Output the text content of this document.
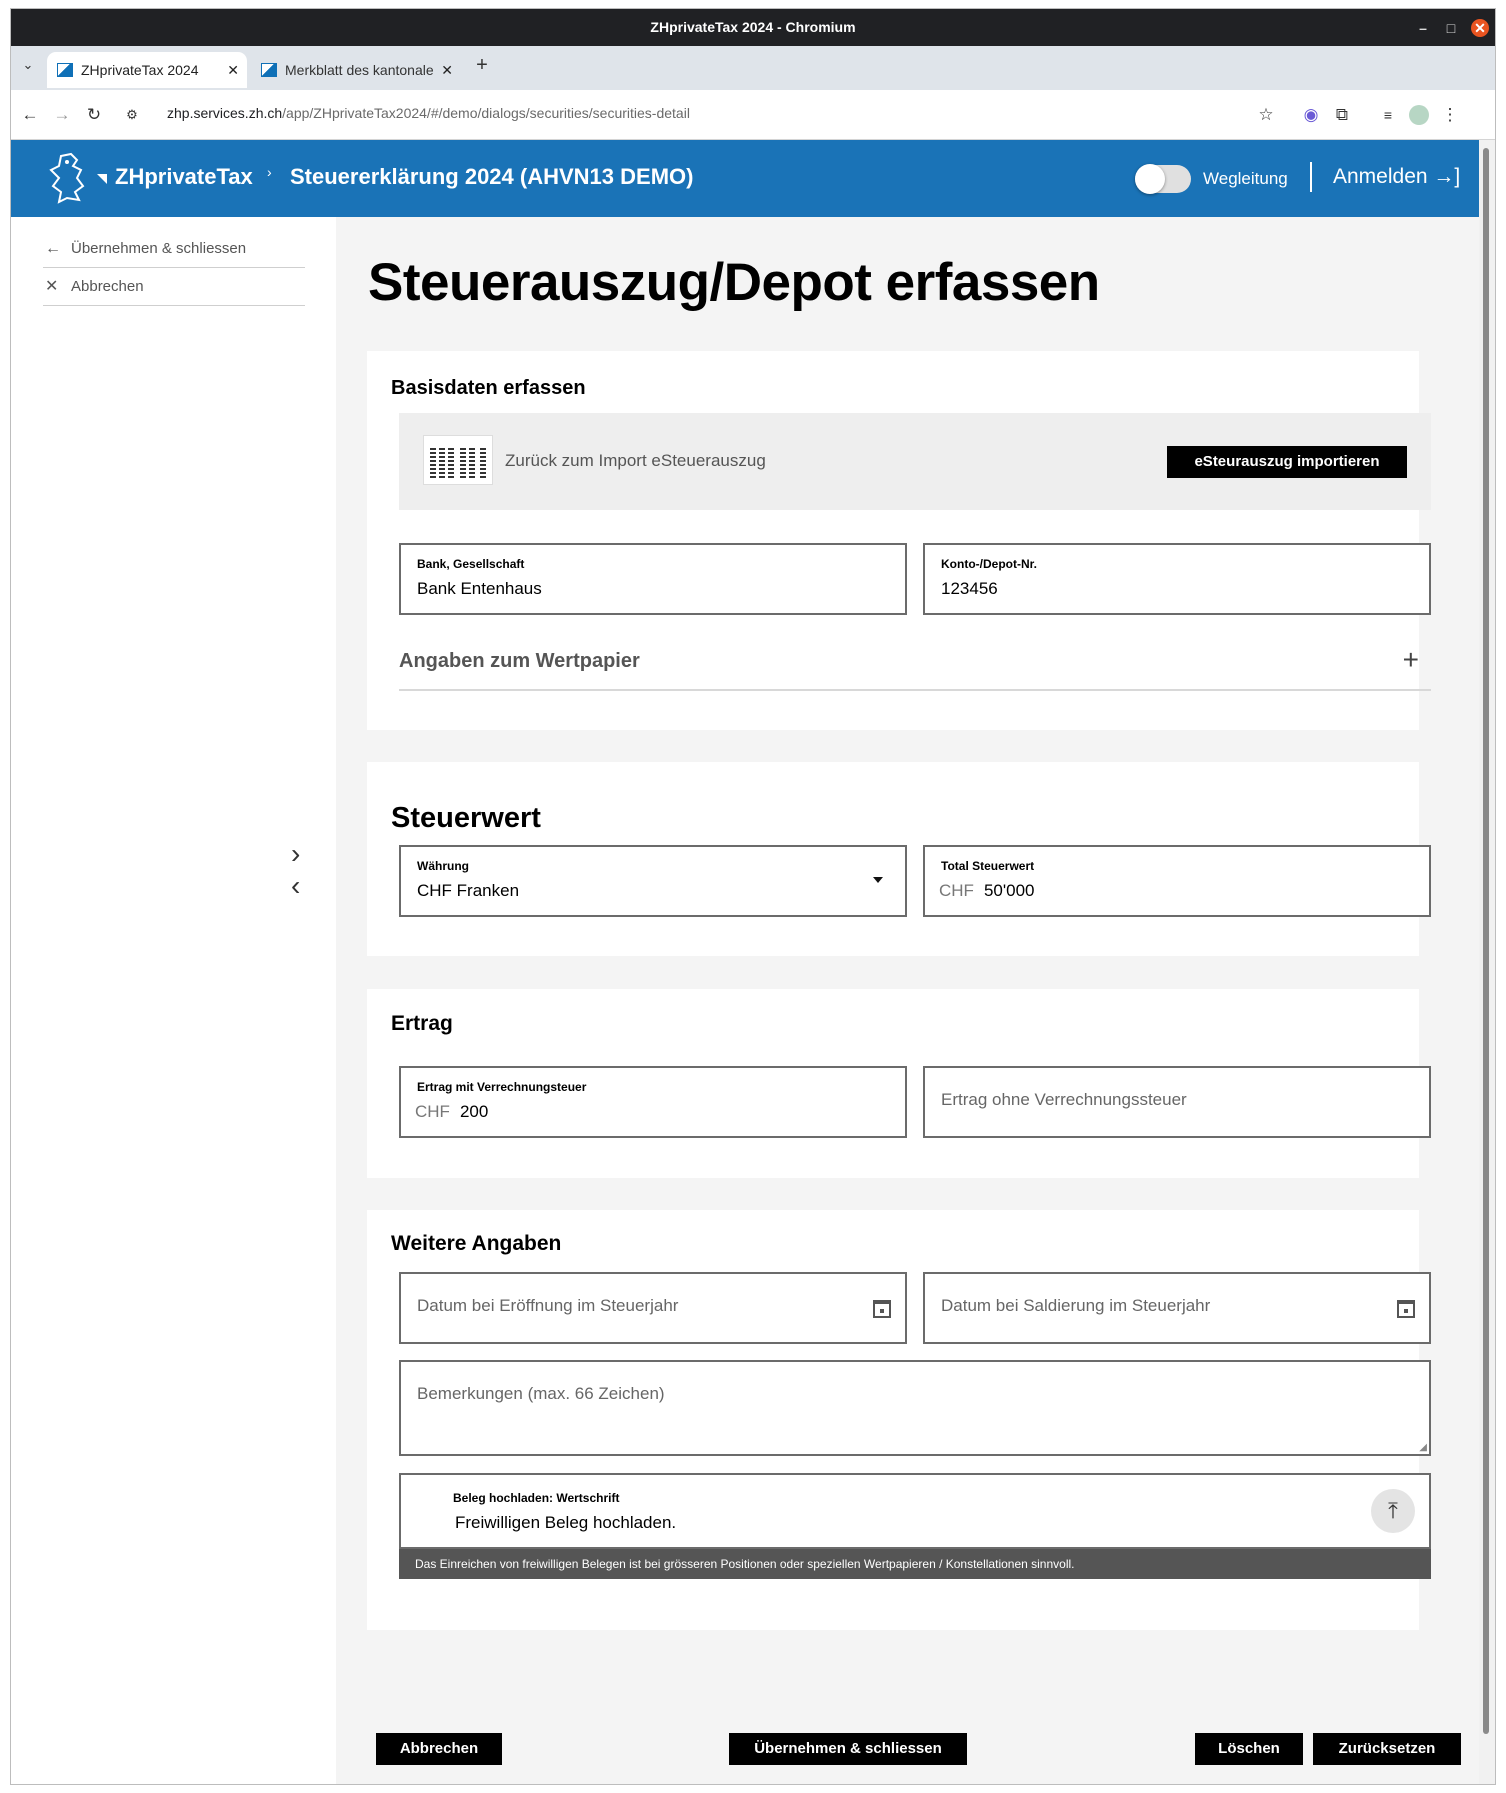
ZHprivateTax 2024 - Chromium	–	□	✕
⌄	ZHprivateTax 2024 ✕	Merkblatt des kantonale ✕ +
← → ↻	⚙	zhp.services.zh.ch/app/ZHprivateTax2024/#/demo/dialogs/securities/securities-detail	☆ ◉ ⧉	≡	⋮
ZHprivateTax › Steuererklärung 2024 (AHVN13 DEMO)	Wegleitung Anmelden →]
← Übernehmen & schliessen
✕ Abbrechen
›
‹
Steuerauszug/Depot erfassen
Basisdaten erfassen
Zurück zum Import eSteuerauszug	eSteurauszug importieren
Bank, Gesellschaft
Bank Entenhaus
Konto-/Depot-Nr.
123456
Angaben zum Wertpapier	+
Steuerwert
Währung
CHF Franken
Total Steuerwert
CHF 50'000
Ertrag
Ertrag mit Verrechnungsteuer
CHF 200
Ertrag ohne Verrechnungssteuer
Weitere Angaben
Datum bei Eröffnung im Steuerjahr	Datum bei Saldierung im Steuerjahr
Bemerkungen (max. 66 Zeichen)
◢
Beleg hochladen: Wertschrift
Freiwilligen Beleg hochladen.	⤒
Das Einreichen von freiwilligen Belegen ist bei grösseren Positionen oder speziellen Wertpapieren / Konstellationen sinnvoll.
Abbrechen	Übernehmen & schliessen	Löschen	Zurücksetzen
